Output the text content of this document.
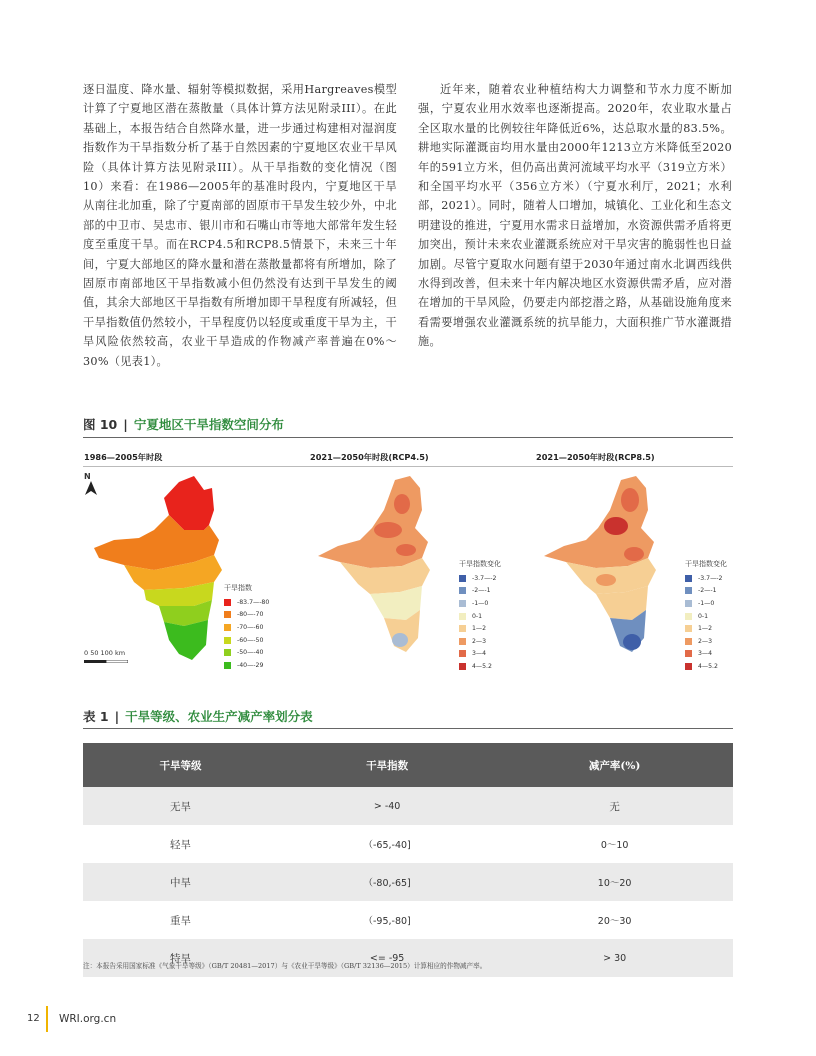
逐日温度、降水量、辐射等模拟数据，采用Hargreaves模型计算了宁夏地区潜在蒸散量（具体计算方法见附录III）。在此基础上，本报告结合自然降水量，进一步通过构建相对湿润度指数作为干旱指数分析了基于自然因素的宁夏地区农业干旱风险（具体计算方法见附录III）。从干旱指数的变化情况（图10）来看：在1986—2005年的基准时段内，宁夏地区干旱从南往北加重，除了宁夏南部的固原市干旱发生较少外，中北部的中卫市、吴忠市、银川市和石嘴山市等地大部常年发生轻度至重度干旱。而在RCP4.5和RCP8.5情景下，未来三十年间，宁夏大部地区的降水量和潜在蒸散量都将有所增加，除了固原市南部地区干旱指数减小但仍然没有达到干旱发生的阈值，其余大部地区干旱指数有所增加即干旱程度有所减轻，但干旱指数值仍然较小，干旱程度仍以轻度或重度干旱为主，干旱风险依然较高，农业干旱造成的作物减产率普遍在0%～30%（见表1）。
近年来，随着农业种植结构大力调整和节水力度不断加强，宁夏农业用水效率也逐渐提高。2020年，农业取水量占全区取水量的比例较往年降低近6%，达总取水量的83.5%。耕地实际灌溉亩均用水量由2000年1213立方米降低至2020年的591立方米，但仍高出黄河流域平均水平（319立方米）和全国平均水平（356立方米）（宁夏水利厅，2021；水利部，2021）。同时，随着人口增加，城镇化、工业化和生态文明建设的推进，宁夏用水需求日益增加，水资源供需矛盾将更加突出，预计未来农业灌溉系统应对干旱灾害的脆弱性也日益加剧。尽管宁夏取水问题有望于2030年通过南水北调西线供水得到改善，但未来十年内解决地区水资源供需矛盾，应对潜在增加的干旱风险，仍要走内部挖潜之路，从基础设施角度来看需要增强农业灌溉系统的抗旱能力，大面积推广节水灌溉措施。
图 10 | 宁夏地区干旱指数空间分布
1986—2005年时段	2021—2050年时段(RCP4.5)	2021—2050年时段(RCP8.5)
N
干旱指数
-83.7—-80
-80—-70
-70—-60
-60—-50
-50—-40
-40—-29
0 50 100 km
干旱指数变化
-3.7—-2
-2—-1
-1—0
0-1
1—2
2—3
3—4
4—5.2
干旱指数变化
-3.7—-2
-2—-1
-1—0
0-1
1—2
2—3
3—4
4—5.2
表 1 | 干旱等级、农业生产减产率划分表
干旱等级	干旱指数	减产率(%)
无旱	> -40	无
轻旱	（-65,-40]	0～10
中旱	（-80,-65]	10～20
重旱	（-95,-80]	20～30
特旱	<= -95	> 30
注：本报告采用国家标准《气象干旱等级》（GB/T 20481—2017）与《农业干旱等级》（GB/T 32136—2015）计算相应的作物减产率。
12 WRI.org.cn
